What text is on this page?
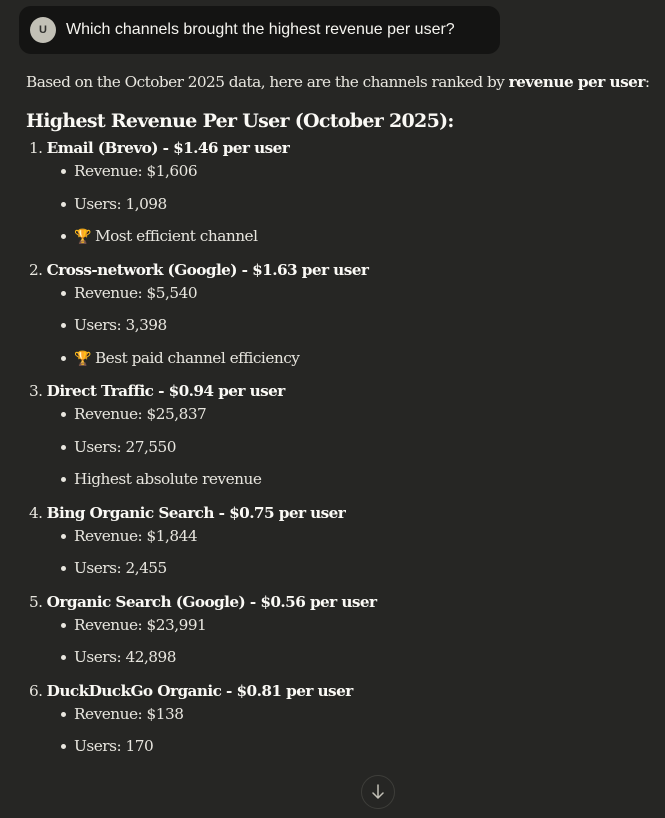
U	Which channels brought the highest revenue per user?

Based on the October 2025 data, here are the channels ranked by revenue per user:

Highest Revenue Per User (October 2025):
1. Email (Brevo) - $1.46 per user
Revenue: $1,606
Users: 1,098
🏆 Most efficient channel
2. Cross-network (Google) - $1.63 per user
Revenue: $5,540
Users: 3,398
🏆 Best paid channel efficiency
3. Direct Traffic - $0.94 per user
Revenue: $25,837
Users: 27,550
Highest absolute revenue
4. Bing Organic Search - $0.75 per user
Revenue: $1,844
Users: 2,455
5. Organic Search (Google) - $0.56 per user
Revenue: $23,991
Users: 42,898
6. DuckDuckGo Organic - $0.81 per user
Revenue: $138
Users: 170
